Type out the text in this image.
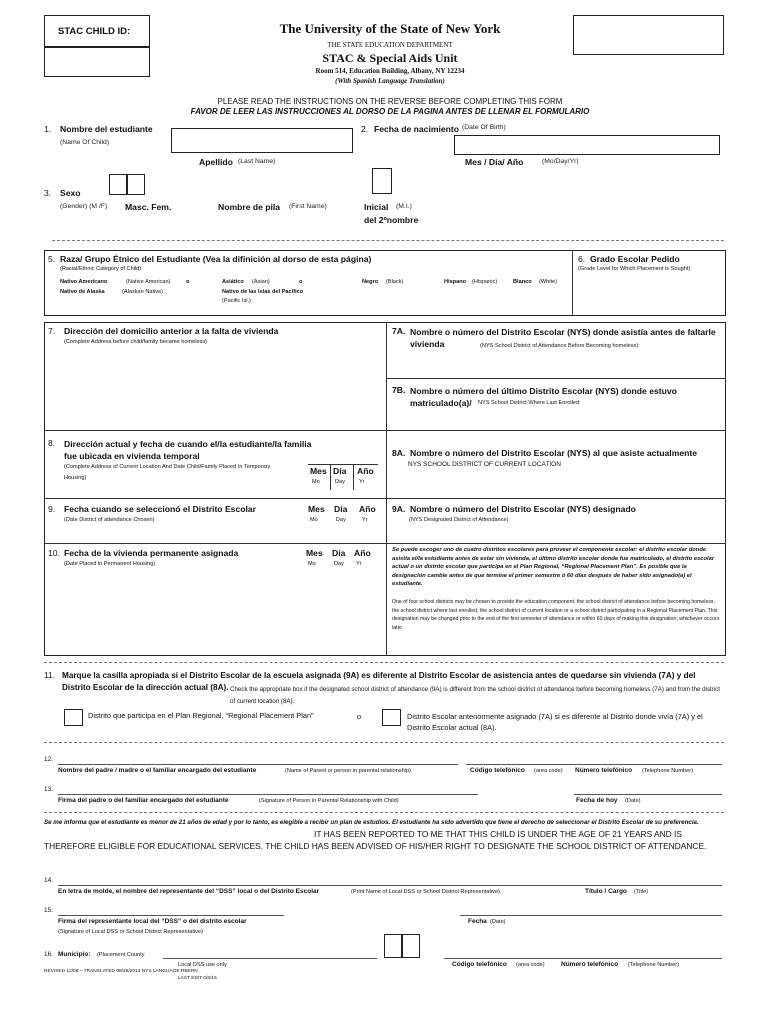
STAC CHILD ID:	The University of the State of New York
THE STATE EDUCATION DEPARTMENT
STAC & Special Aids Unit
Room 514, Education Building, Albany, NY 12234
(With Spanish Language Translation)
PLEASE READ THE INSTRUCTIONS ON THE REVERSE BEFORE COMPLETING THIS FORM
FAVOR DE LEER LAS INSTRUCCIONES AL DORSO DE LA PAGINA ANTES DE LLENAR EL FORMULARIO
1. Nombre del estudiante
(Name Of Child)
2. Fecha de nacimiento (Date Of Birth)
Apellido (Last Name)	Mes / Día/ Año	(Mo/Day/Yr)
3. Sexo
(Gender) (M /F) Masc. Fem.	Nombre de pila (First Name)	Inicial (M.I.)
del 2ºnombre
5. Raza/ Grupo Étnico del Estudiante (Vea la difinición al dorso de esta página)
(Racial/Ethnic Category of Child)
Nativo Americano	(Native American)	o
Nativo de Alaska	(Alaskan Native)
Asiático (Asian)	o
Nativo de las Islas del Pacífico
(Pacific Isl.)
Negro (Black)	Hispano (Hispanic)	Blanco (White)
6. Grado Escolar Pedido
(Grade Level for Which Placement is Sought)
7. Dirección del domicilio anterior a la falta de vivienda
(Complete Address before child/family became homeless)
7A. Nombre o número del Distrito Escolar (NYS) donde asistía antes de faltarle vivienda	(NYS School District of Attendance Before Becoming homeless):
7B. Nombre o número del último Distrito Escolar (NYS) donde estuvo matriculado(a)/	NYS School District Where Last Enrolled:
8. Dirección actual y fecha de cuando el/la estudiante/la familia fue ubicada en vivienda temporal
(Complete Address of Current Location And Date Child/Family Placed In Temporary Housing)
Mes Día Año
Mo	Day	Yr
8A. Nombre o número del Distrito Escolar (NYS) al que asiste actualmente
NYS SCHOOL DISTRICT OF CURRENT LOCATION
9. Fecha cuando se seleccionó el Distrito Escolar
(Date District of attendance Chosen)
Mes Día Año
Mo	Day	Yr
9A. Nombre o número del Distrito Escolar (NYS) designado
(NYS Designated District of Attendance)
10. Fecha de la vivienda permanente asignada
(Date Placed in Permanent Housing)
Mes Día Año
Mo	Day Yr
Se puede escoger uno de cuatro distritos escolares para proveer el componente escolar: el distrito escolar donde asistía el/la estudiante antes de estar sin vivienda, el último distrito escolar donde fue matriculado, el distrito escolar actual o un distrito escolar que participa en el Plan Regional, “Regional Placement Plan”. Es posible que la designación cambie antes de que termine el primer semestre ó 60 días después de haber sido asignado(a) el estudiante.
One of four school districts may be chosen to provide the education component: the school district of attendance before becoming homeless, the school district where last enrolled, the school district of current location or a school district participating in a Regional Placement Plan. This designation may be changed prior to the end of the first semester of attendance or within 60 days of making this designation, whichever occurs later.
11. Marque la casilla apropiada si el Distrito Escolar de la escuela asignada (9A) es diferente al Distrito Escolar de asistencia antes de quedarse sin vivienda (7A) y del Distrito Escolar de la dirección actual (8A). Check the appropriate box if the designated school district of attendance (9A) is different from the school district of attendance before becoming homeless (7A) and from the district of current location (8A).
Distrito que participa en el Plan Regional, “Regional Placement Plan”	o	Distrito Escolar anteriormente asignado (7A) si es diferente al Distrito donde vivía (7A) y el Distrito Escolar actual (8A).
12.
Nombre del padre / madre o el familiar encargado del estudiante	(Name of Parent or person in parental relationship)	Código telefónico (area code) Número telefónico (Telephone Number)
13.
Firma del padre o del familiar encargado del estudiante	(Signature of Person in Parental Relationship with Child)	Fecha de hoy (Date)
Se me informa que el estudiante es menor de 21 años de edad y por lo tanto, es elegible a recibir un plan de estudios. El estudiante ha sido advertido que tiene el derecho de seleccionar el Distrito Escolar de su preferencia.
IT HAS BEEN REPORTED TO ME THAT THIS CHILD IS UNDER THE AGE OF 21 YEARS AND IS THEREFORE ELIGIBLE FOR EDUCATIONAL SERVICES. THE CHILD HAS BEEN ADVISED OF HIS/HER RIGHT TO DESIGNATE THE SCHOOL DISTRICT OF ATTENDANCE.
14.
En letra de molde, el nombre del representante del “DSS” local o del Distrito Escolar	(Print Name of Local DSS or School District Representative)	Título / Cargo (Title)
15.
Firma del representante local del “DSS” o del distrito escolar
(Signature of Local DSS or School District Representative)
Fecha (Date)
16. Municipio: (Placement County
Local DSS use only	Código telefónico (area code)	Número telefónico (Telephone Number)
REVISED 12/06 – TRANSLATED 08/26/2014 NYS LANGUAGE RBERN
LAST EDIT 0/6/15
